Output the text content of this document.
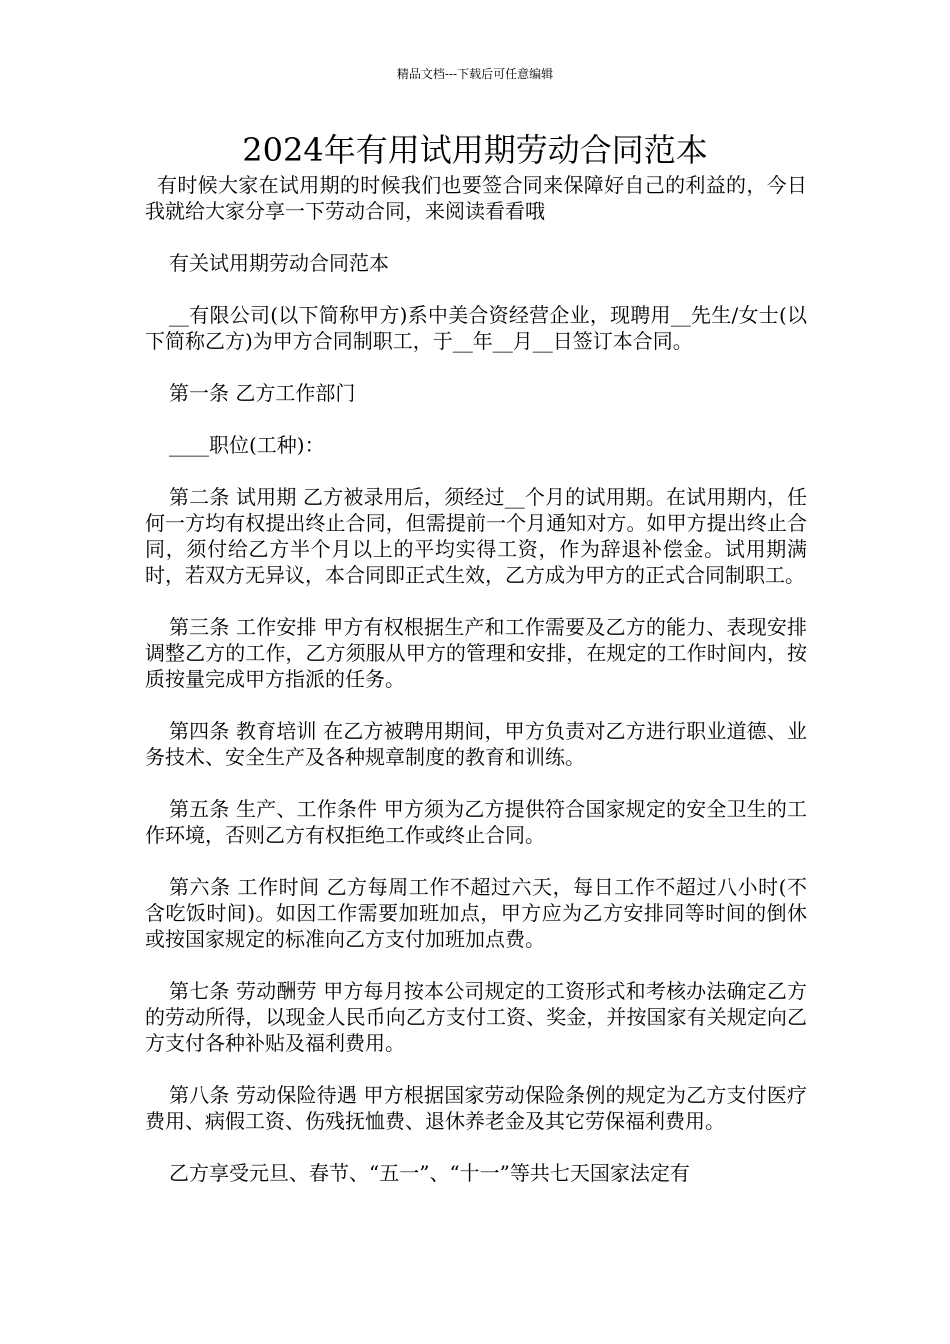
精品文档---下载后可任意编辑
2024年有用试用期劳动合同范本

有时候大家在试用期的时候我们也要签合同来保障好自己的利益的，今日我就给大家分享一下劳动合同，来阅读看看哦

有关试用期劳动合同范本

__有限公司(以下简称甲方)系中美合资经营企业，现聘用__先生/女士(以下简称乙方)为甲方合同制职工，于__年__月__日签订本合同。

第一条 乙方工作部门

____职位(工种)：

第二条 试用期 乙方被录用后，须经过__个月的试用期。在试用期内，任何一方均有权提出终止合同，但需提前一个月通知对方。如甲方提出终止合同，须付给乙方半个月以上的平均实得工资，作为辞退补偿金。试用期满时，若双方无异议，本合同即正式生效，乙方成为甲方的正式合同制职工。

第三条 工作安排 甲方有权根据生产和工作需要及乙方的能力、表现安排调整乙方的工作，乙方须服从甲方的管理和安排，在规定的工作时间内，按质按量完成甲方指派的任务。

第四条 教育培训 在乙方被聘用期间，甲方负责对乙方进行职业道德、业务技术、安全生产及各种规章制度的教育和训练。

第五条 生产、工作条件 甲方须为乙方提供符合国家规定的安全卫生的工作环境，否则乙方有权拒绝工作或终止合同。

第六条 工作时间 乙方每周工作不超过六天，每日工作不超过八小时(不含吃饭时间)。如因工作需要加班加点，甲方应为乙方安排同等时间的倒休或按国家规定的标准向乙方支付加班加点费。

第七条 劳动酬劳 甲方每月按本公司规定的工资形式和考核办法确定乙方的劳动所得，以现金人民币向乙方支付工资、奖金，并按国家有关规定向乙方支付各种补贴及福利费用。

第八条 劳动保险待遇 甲方根据国家劳动保险条例的规定为乙方支付医疗费用、病假工资、伤残抚恤费、退休养老金及其它劳保福利费用。

乙方享受元旦、春节、“五一”、“十一”等共七天国家法定有
